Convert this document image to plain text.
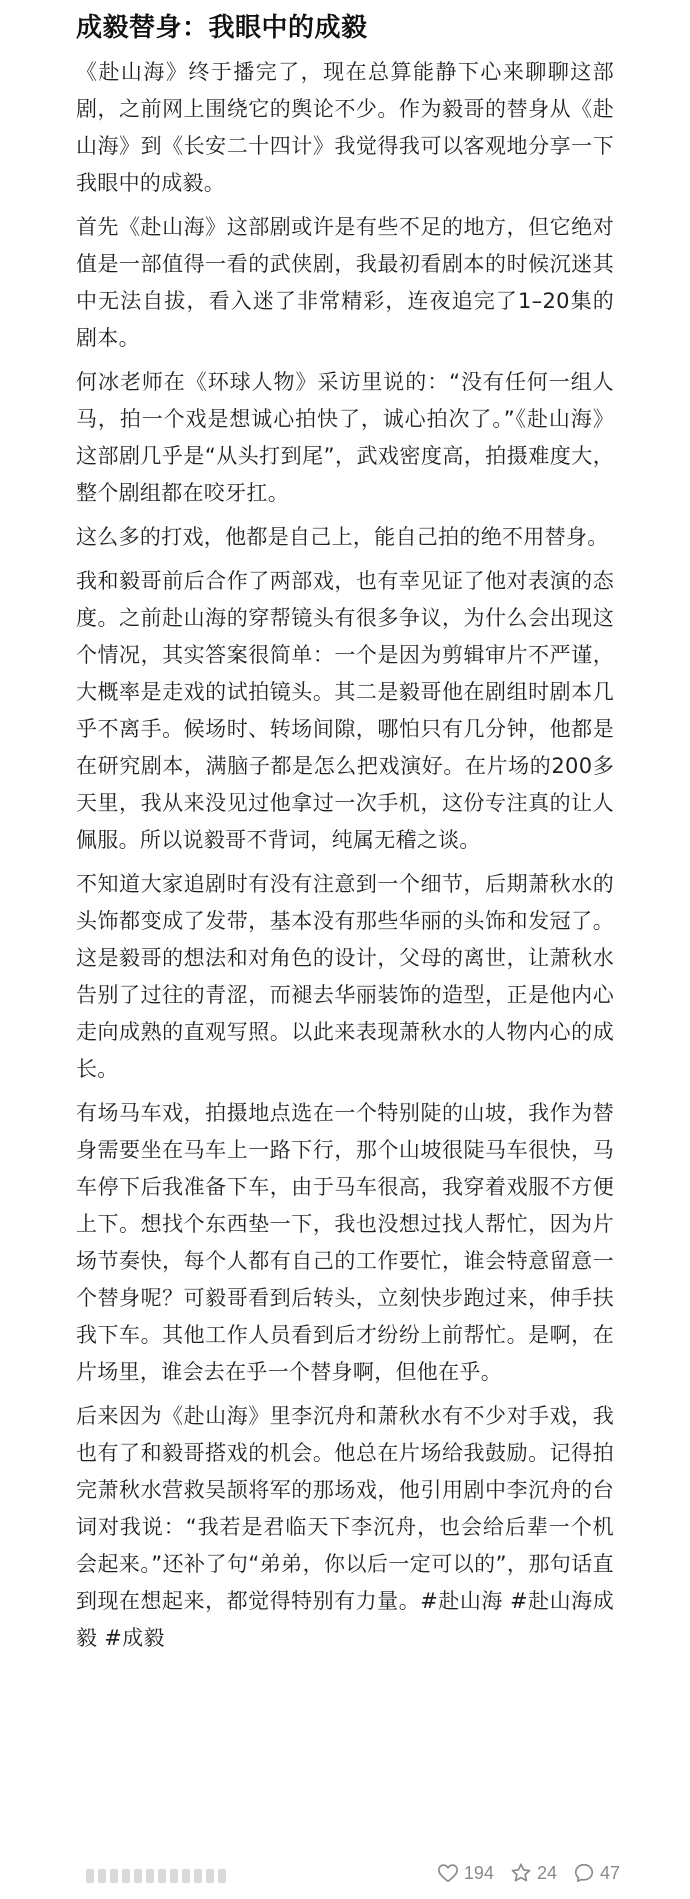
成毅替身：我眼中的成毅
《赴山海》终于播完了，现在总算能静下心来聊聊这部剧，之前网上围绕它的舆论不少。作为毅哥的替身从《赴山海》到《长安二十四计》我觉得我可以客观地分享一下我眼中的成毅。
首先《赴山海》这部剧或许是有些不足的地方，但它绝对值是一部值得一看的武侠剧，我最初看剧本的时候沉迷其中无法自拔，看入迷了非常精彩，连夜追完了1–20集的剧本。
何冰老师在《环球人物》采访里说的：“没有任何一组人马，拍一个戏是想诚心拍快了，诚心拍次了。”《赴山海》这部剧几乎是“从头打到尾”，武戏密度高，拍摄难度大，整个剧组都在咬牙扛。
这么多的打戏，他都是自己上，能自己拍的绝不用替身。
我和毅哥前后合作了两部戏，也有幸见证了他对表演的态度。之前赴山海的穿帮镜头有很多争议，为什么会出现这个情况，其实答案很简单：一个是因为剪辑审片不严谨，大概率是走戏的试拍镜头。其二是毅哥他在剧组时剧本几乎不离手。候场时、转场间隙，哪怕只有几分钟，他都是在研究剧本，满脑子都是怎么把戏演好。在片场的200多天里，我从来没见过他拿过一次手机，这份专注真的让人佩服。所以说毅哥不背词，纯属无稽之谈。
不知道大家追剧时有没有注意到一个细节，后期萧秋水的头饰都变成了发带，基本没有那些华丽的头饰和发冠了。这是毅哥的想法和对角色的设计，父母的离世，让萧秋水告别了过往的青涩，而褪去华丽装饰的造型，正是他内心走向成熟的直观写照。以此来表现萧秋水的人物内心的成长。
有场马车戏，拍摄地点选在一个特别陡的山坡，我作为替身需要坐在马车上一路下行，那个山坡很陡马车很快，马车停下后我准备下车，由于马车很高，我穿着戏服不方便上下。想找个东西垫一下，我也没想过找人帮忙，因为片场节奏快，每个人都有自己的工作要忙，谁会特意留意一个替身呢？可毅哥看到后转头，立刻快步跑过来，伸手扶我下车。其他工作人员看到后才纷纷上前帮忙。是啊，在片场里，谁会去在乎一个替身啊，但他在乎。
后来因为《赴山海》里李沉舟和萧秋水有不少对手戏，我也有了和毅哥搭戏的机会。他总在片场给我鼓励。记得拍完萧秋水营救吴颉将军的那场戏，他引用剧中李沉舟的台词对我说：“我若是君临天下李沉舟，也会给后辈一个机会起来。”还补了句“弟弟，你以后一定可以的”，那句话直到现在想起来，都觉得特别有力量。#赴山海 #赴山海成毅 #成毅
194 24 47
